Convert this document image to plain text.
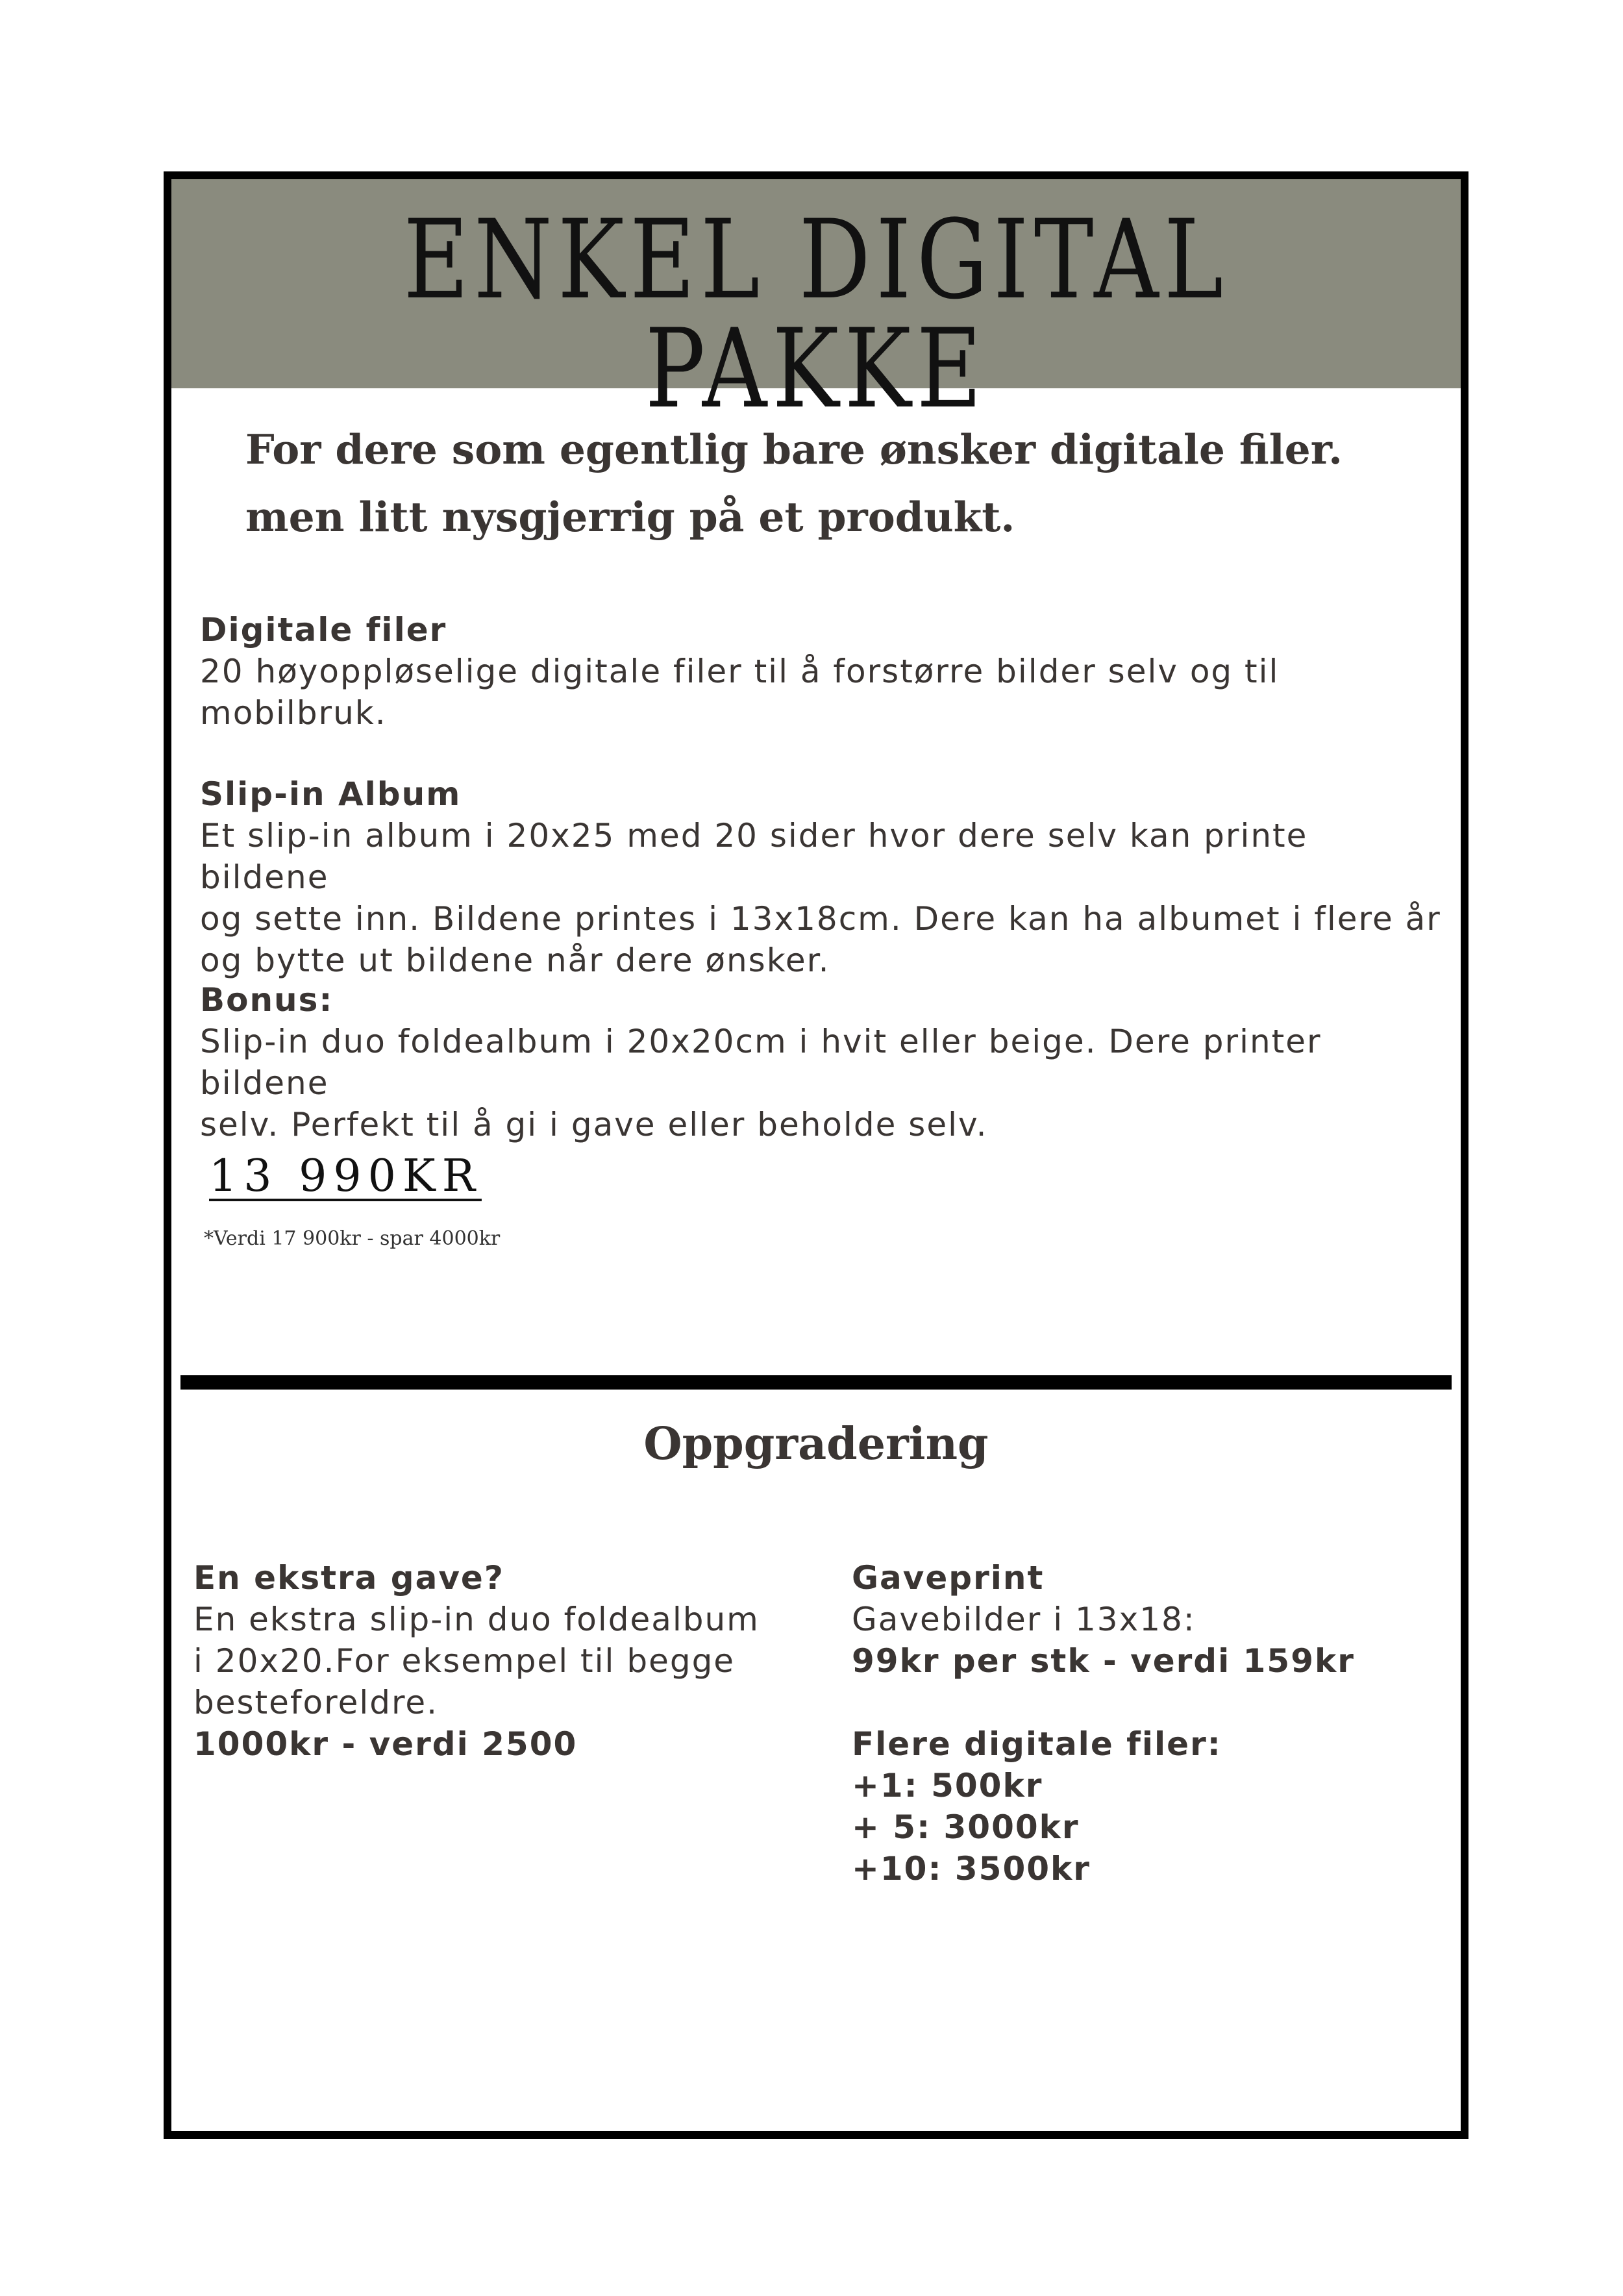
ENKEL DIGITAL PAKKE
For dere som egentlig bare ønsker digitale filer.
men litt nysgjerrig på et produkt.
Digitale filer
20 høyoppløselige digitale filer til å forstørre bilder selv og til
mobilbruk.
Slip-in Album
Et slip-in album i 20x25 med 20 sider hvor dere selv kan printe bildene
og sette inn. Bildene printes i 13x18cm. Dere kan ha albumet i flere år
og bytte ut bildene når dere ønsker.
Bonus:
Slip-in duo foldealbum i 20x20cm i hvit eller beige. Dere printer bildene
selv. Perfekt til å gi i gave eller beholde selv.
13 990KR
*Verdi 17 900kr - spar 4000kr
Oppgradering
En ekstra gave?
En ekstra slip-in duo foldealbum
i 20x20.For eksempel til begge
besteforeldre.
1000kr - verdi 2500
Gaveprint
Gavebilder i 13x18:
99kr per stk - verdi 159kr
Flere digitale filer:
+1: 500kr
+ 5: 3000kr
+10: 3500kr
